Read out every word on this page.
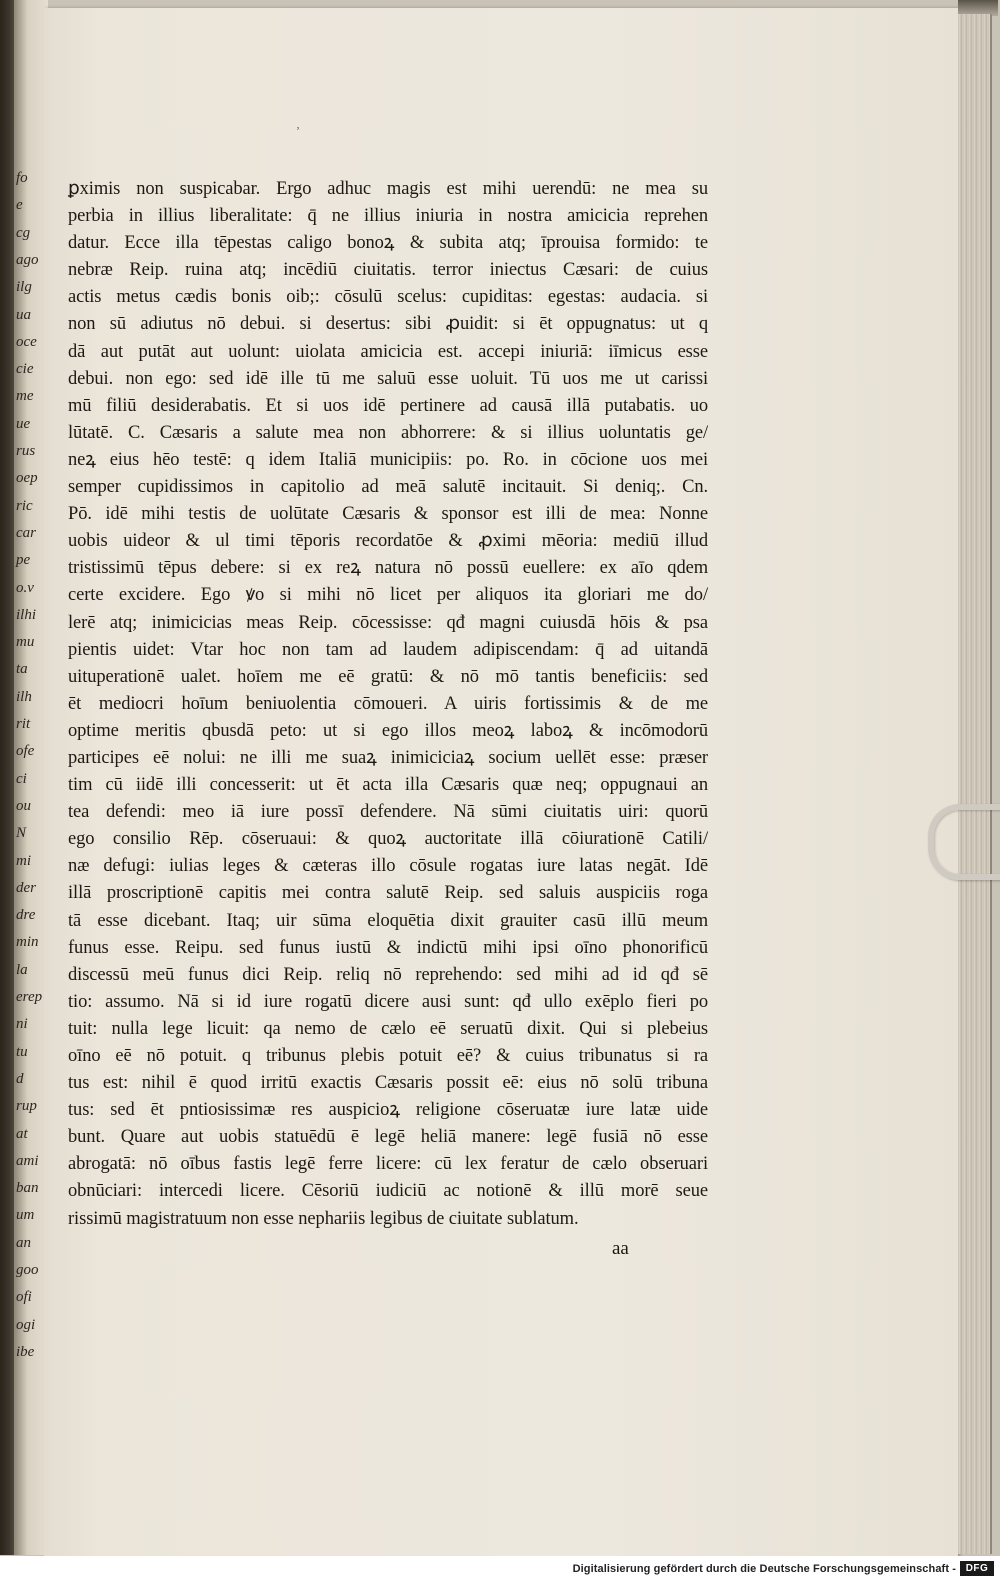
fo
e
cg
ago
ilg
ua
oce
cie
me
ue
rus
oep
ric
car
pe
o.v
ilhi
mu
ta
ilh
rit
ofe
ci
ou
N
mi
der
dre
min
la
erep
ni
tu
d
rup
at
ami
ban
um
an
goo
ofi
ogi
ibe
ʼ
ꝑximis non suspicabar. Ergo adhuc magis est mihi uerendū: ne mea su
perbia in illius liberalitate: q̄ ne illius iniuria in nostra amicicia reprehen
datur. Ecce illa tēpestas caligo bonoꝝ & subita atq; īprouisa formido: te
nebræ Reip. ruina atq; incēdiū ciuitatis. terror iniectus Cæsari: de cuius
actis metus cædis bonis oib;: cōsulū scelus: cupiditas: egestas: audacia. si
non sū adiutus nō debui. si desertus: sibi ꝓuidit: si ēt oppugnatus: ut q
dā aut putāt aut uolunt: uiolata amicicia est. accepi iniuriā: iīmicus esse
debui. non ego: sed idē ille tū me saluū esse uoluit. Tū uos me ut carissi
mū filiū desiderabatis. Et si uos idē pertinere ad causā illā putabatis. uo
lūtatē. C. Cæsaris a salute mea non abhorrere: & si illius uoluntatis ge/
neꝝ eius hēo testē: q idem Italiā municipiis: po. Ro. in cōcione uos mei
semper cupidissimos in capitolio ad meā salutē incitauit. Si deniq;. Cn.
Pō. idē mihi testis de uolūtate Cæsaris & sponsor est illi de mea: Nonne
uobis uideor & ul timi tēporis recordatōe & ꝓximi mēoria: mediū illud
tristissimū tēpus debere: si ex reꝝ natura nō possū euellere: ex aīo qdem
certe excidere. Ego ꝟo si mihi nō licet per aliquos ita gloriari me do/
lerē atq; inimicicias meas Reip. cōcessisse: qđ magni cuiusdā hōis & psa
pientis uidet: Vtar hoc non tam ad laudem adipiscendam: q̄ ad uitandā
uituperationē ualet. hoīem me eē gratū: & nō mō tantis beneficiis: sed
ēt mediocri hoīum beniuolentia cōmoueri. A uiris fortissimis & de me
optime meritis qbusdā peto: ut si ego illos meoꝝ laboꝝ & incōmodorū
participes eē nolui: ne illi me suaꝝ inimiciciaꝝ socium uellēt esse: præser
tim cū iidē illi concesserit: ut ēt acta illa Cæsaris quæ neq; oppugnaui an
tea defendi: meo iā iure possī defendere. Nā sūmi ciuitatis uiri: quorū
ego consilio Rēp. cōseruaui: & quoꝝ auctoritate illā cōiurationē Catili/
næ defugi: iulias leges & cæteras illo cōsule rogatas iure latas negāt. Idē
illā proscriptionē capitis mei contra salutē Reip. sed saluis auspiciis roga
tā esse dicebant. Itaq; uir sūma eloquētia dixit grauiter casū illū meum
funus esse. Reipu. sed funus iustū & indictū mihi ipsi oīno phonorificū
discessū meū funus dici Reip. reliq nō reprehendo: sed mihi ad id qđ sē
tio: assumo. Nā si id iure rogatū dicere ausi sunt: qđ ullo exēplo fieri po
tuit: nulla lege licuit: qa nemo de cælo eē seruatū dixit. Qui si plebeius
oīno eē nō potuit. q tribunus plebis potuit eē? & cuius tribunatus si ra
tus est: nihil ē quod irritū exactis Cæsaris possit eē: eius nō solū tribuna
tus: sed ēt pntiosissimæ res auspicioꝝ religione cōseruatæ iure latæ uide
bunt. Quare aut uobis statuēdū ē legē heliā manere: legē fusiā nō esse
abrogatā: nō oībus fastis legē ferre licere: cū lex feratur de cælo obseruari
obnūciari: intercedi licere. Cēsoriū iudiciū ac notionē & illū morē seue
rissimū magistratuum non esse nephariis legibus de ciuitate sublatum.
aa
Digitalisierung gefördert durch die Deutsche Forschungsgemeinschaft - DFG
